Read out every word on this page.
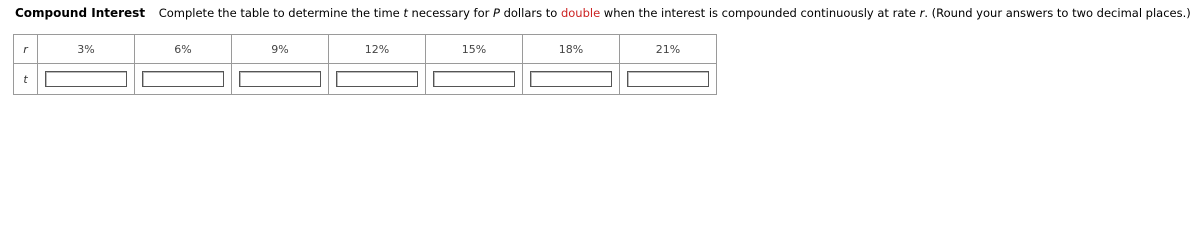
Compound Interest Complete the table to determine the time t necessary for P dollars to double when the interest is compounded continuously at rate r. (Round your answers to two decimal places.)
r	3%	6%	9%	12%	15%	18%	21%
t	
